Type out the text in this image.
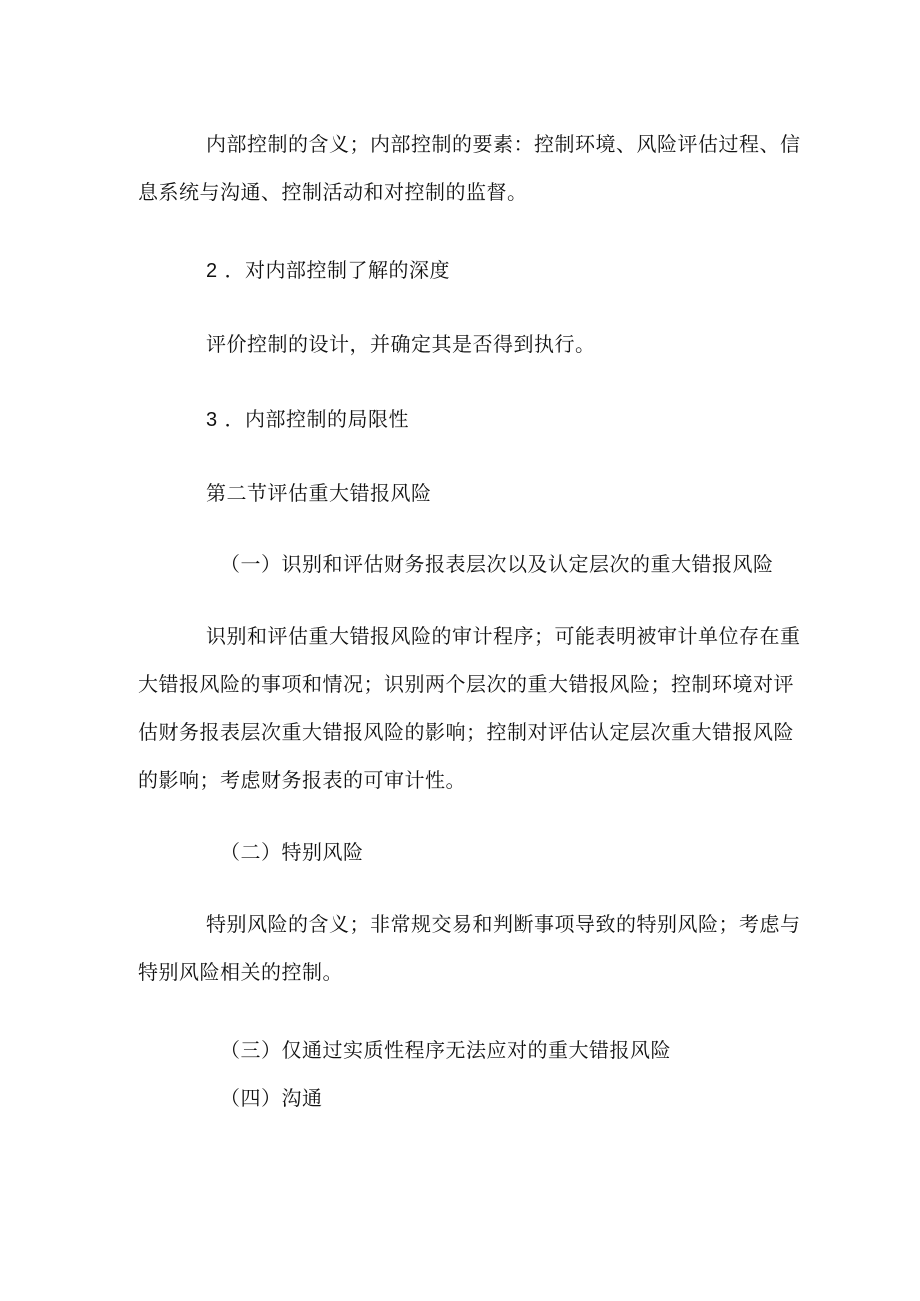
内部控制的含义；内部控制的要素：控制环境、风险评估过程、信
息系统与沟通、控制活动和对控制的监督。
2 ．对内部控制了解的深度
评价控制的设计，并确定其是否得到执行。
3 ．内部控制的局限性
第二节评估重大错报风险
（一）识别和评估财务报表层次以及认定层次的重大错报风险
识别和评估重大错报风险的审计程序；可能表明被审计单位存在重
大错报风险的事项和情况；识别两个层次的重大错报风险；控制环境对评
估财务报表层次重大错报风险的影响；控制对评估认定层次重大错报风险
的影响；考虑财务报表的可审计性。
（二）特别风险
特别风险的含义；非常规交易和判断事项导致的特别风险；考虑与
特别风险相关的控制。
（三）仅通过实质性程序无法应对的重大错报风险
（四）沟通
